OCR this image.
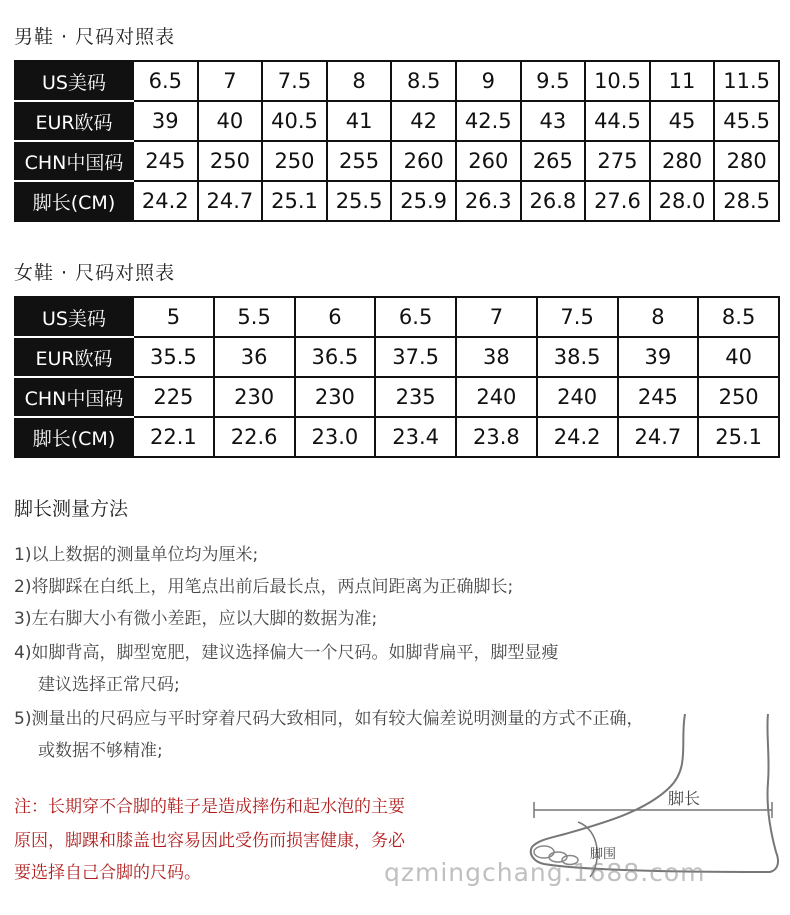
男鞋 · 尺码对照表
US美码	6.5	7	7.5	8	8.5	9	9.5	10.5	11	11.5
EUR欧码	39	40	40.5	41	42	42.5	43	44.5	45	45.5
CHN中国码	245	250	250	255	260	260	265	275	280	280
脚长(CM)	24.2	24.7	25.1	25.5	25.9	26.3	26.8	27.6	28.0	28.5
女鞋 · 尺码对照表
US美码	5	5.5	6	6.5	7	7.5	8	8.5
EUR欧码	35.5	36	36.5	37.5	38	38.5	39	40
CHN中国码	225	230	230	235	240	240	245	250
脚长(CM)	22.1	22.6	23.0	23.4	23.8	24.2	24.7	25.1
脚长测量方法
1)以上数据的测量单位均为厘米;
2)将脚踩在白纸上，用笔点出前后最长点，两点间距离为正确脚长;
3)左右脚大小有微小差距，应以大脚的数据为准;
4)如脚背高，脚型宽肥，建议选择偏大一个尺码。如脚背扁平，脚型显瘦
建议选择正常尺码;
5)测量出的尺码应与平时穿着尺码大致相同，如有较大偏差说明测量的方式不正确，
或数据不够精准;
注：长期穿不合脚的鞋子是造成摔伤和起水泡的主要
原因，脚踝和膝盖也容易因此受伤而损害健康，务必
要选择自己合脚的尺码。
脚长
脚围
qzmingchang.1688.com
